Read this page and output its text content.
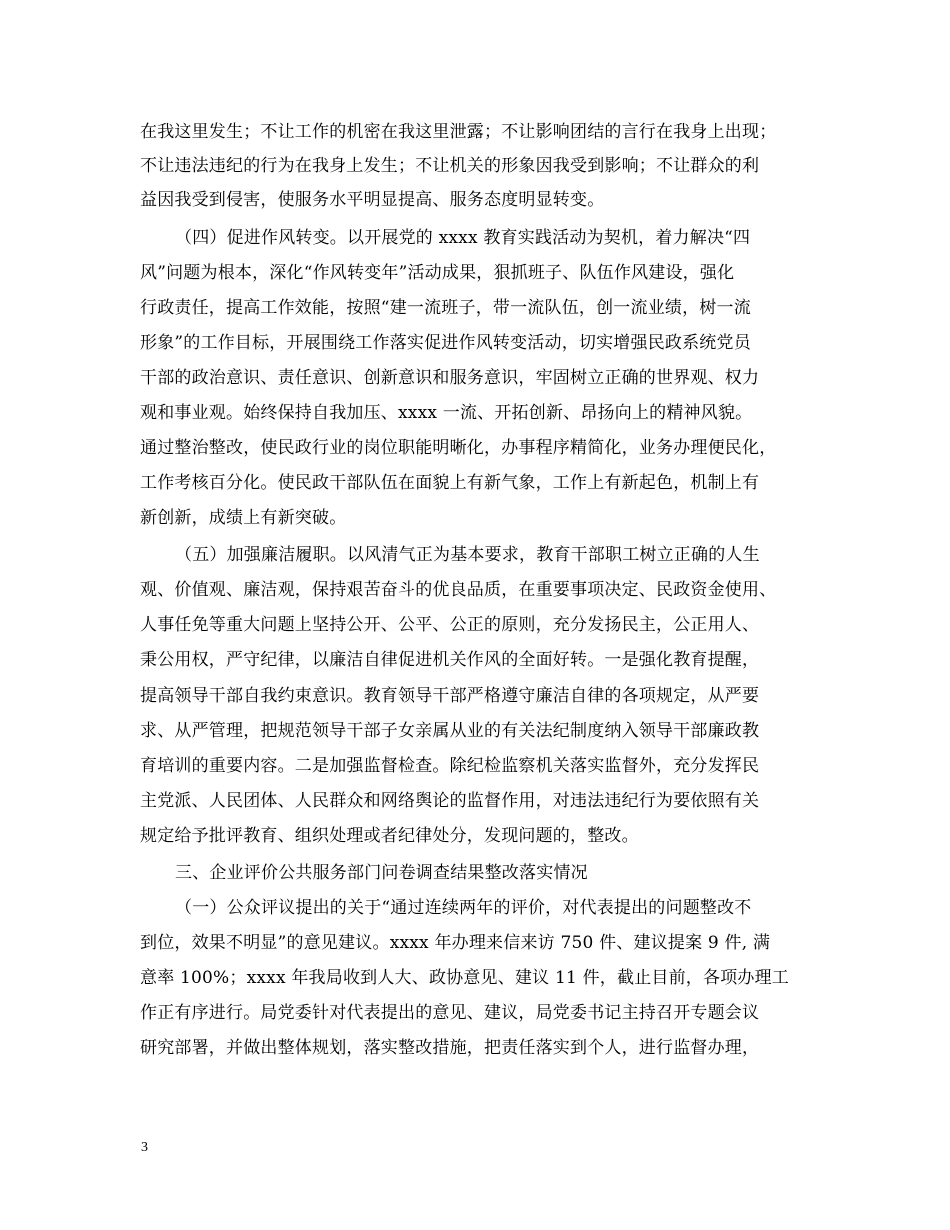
在我这里发生；不让工作的机密在我这里泄露；不让影响团结的言行在我身上出现；
不让违法违纪的行为在我身上发生；不让机关的形象因我受到影响；不让群众的利
益因我受到侵害，使服务水平明显提高、服务态度明显转变。
（四）促进作风转变。以开展党的 xxxx 教育实践活动为契机，着力解决“四
风”问题为根本，深化“作风转变年”活动成果，狠抓班子、队伍作风建设，强化
行政责任，提高工作效能，按照“建一流班子，带一流队伍，创一流业绩，树一流
形象”的工作目标，开展围绕工作落实促进作风转变活动，切实增强民政系统党员
干部的政治意识、责任意识、创新意识和服务意识，牢固树立正确的世界观、权力
观和事业观。始终保持自我加压、xxxx 一流、开拓创新、昂扬向上的精神风貌。
通过整治整改，使民政行业的岗位职能明晰化，办事程序精简化，业务办理便民化，
工作考核百分化。使民政干部队伍在面貌上有新气象，工作上有新起色，机制上有
新创新，成绩上有新突破。
（五）加强廉洁履职。以风清气正为基本要求，教育干部职工树立正确的人生
观、价值观、廉洁观，保持艰苦奋斗的优良品质，在重要事项决定、民政资金使用、
人事任免等重大问题上坚持公开、公平、公正的原则，充分发扬民主，公正用人、
秉公用权，严守纪律，以廉洁自律促进机关作风的全面好转。一是强化教育提醒，
提高领导干部自我约束意识。教育领导干部严格遵守廉洁自律的各项规定，从严要
求、从严管理，把规范领导干部子女亲属从业的有关法纪制度纳入领导干部廉政教
育培训的重要内容。二是加强监督检查。除纪检监察机关落实监督外，充分发挥民
主党派、人民团体、人民群众和网络舆论的监督作用，对违法违纪行为要依照有关
规定给予批评教育、组织处理或者纪律处分，发现问题的，整改。
三、企业评价公共服务部门问卷调查结果整改落实情况
（一）公众评议提出的关于“通过连续两年的评价，对代表提出的问题整改不
到位，效果不明显”的意见建议。xxxx 年办理来信来访 750 件、建议提案 9 件, 满
意率 100%；xxxx 年我局收到人大、政协意见、建议 11 件，截止目前，各项办理工
作正有序进行。局党委针对代表提出的意见、建议，局党委书记主持召开专题会议
研究部署，并做出整体规划，落实整改措施，把责任落实到个人，进行监督办理，
3
